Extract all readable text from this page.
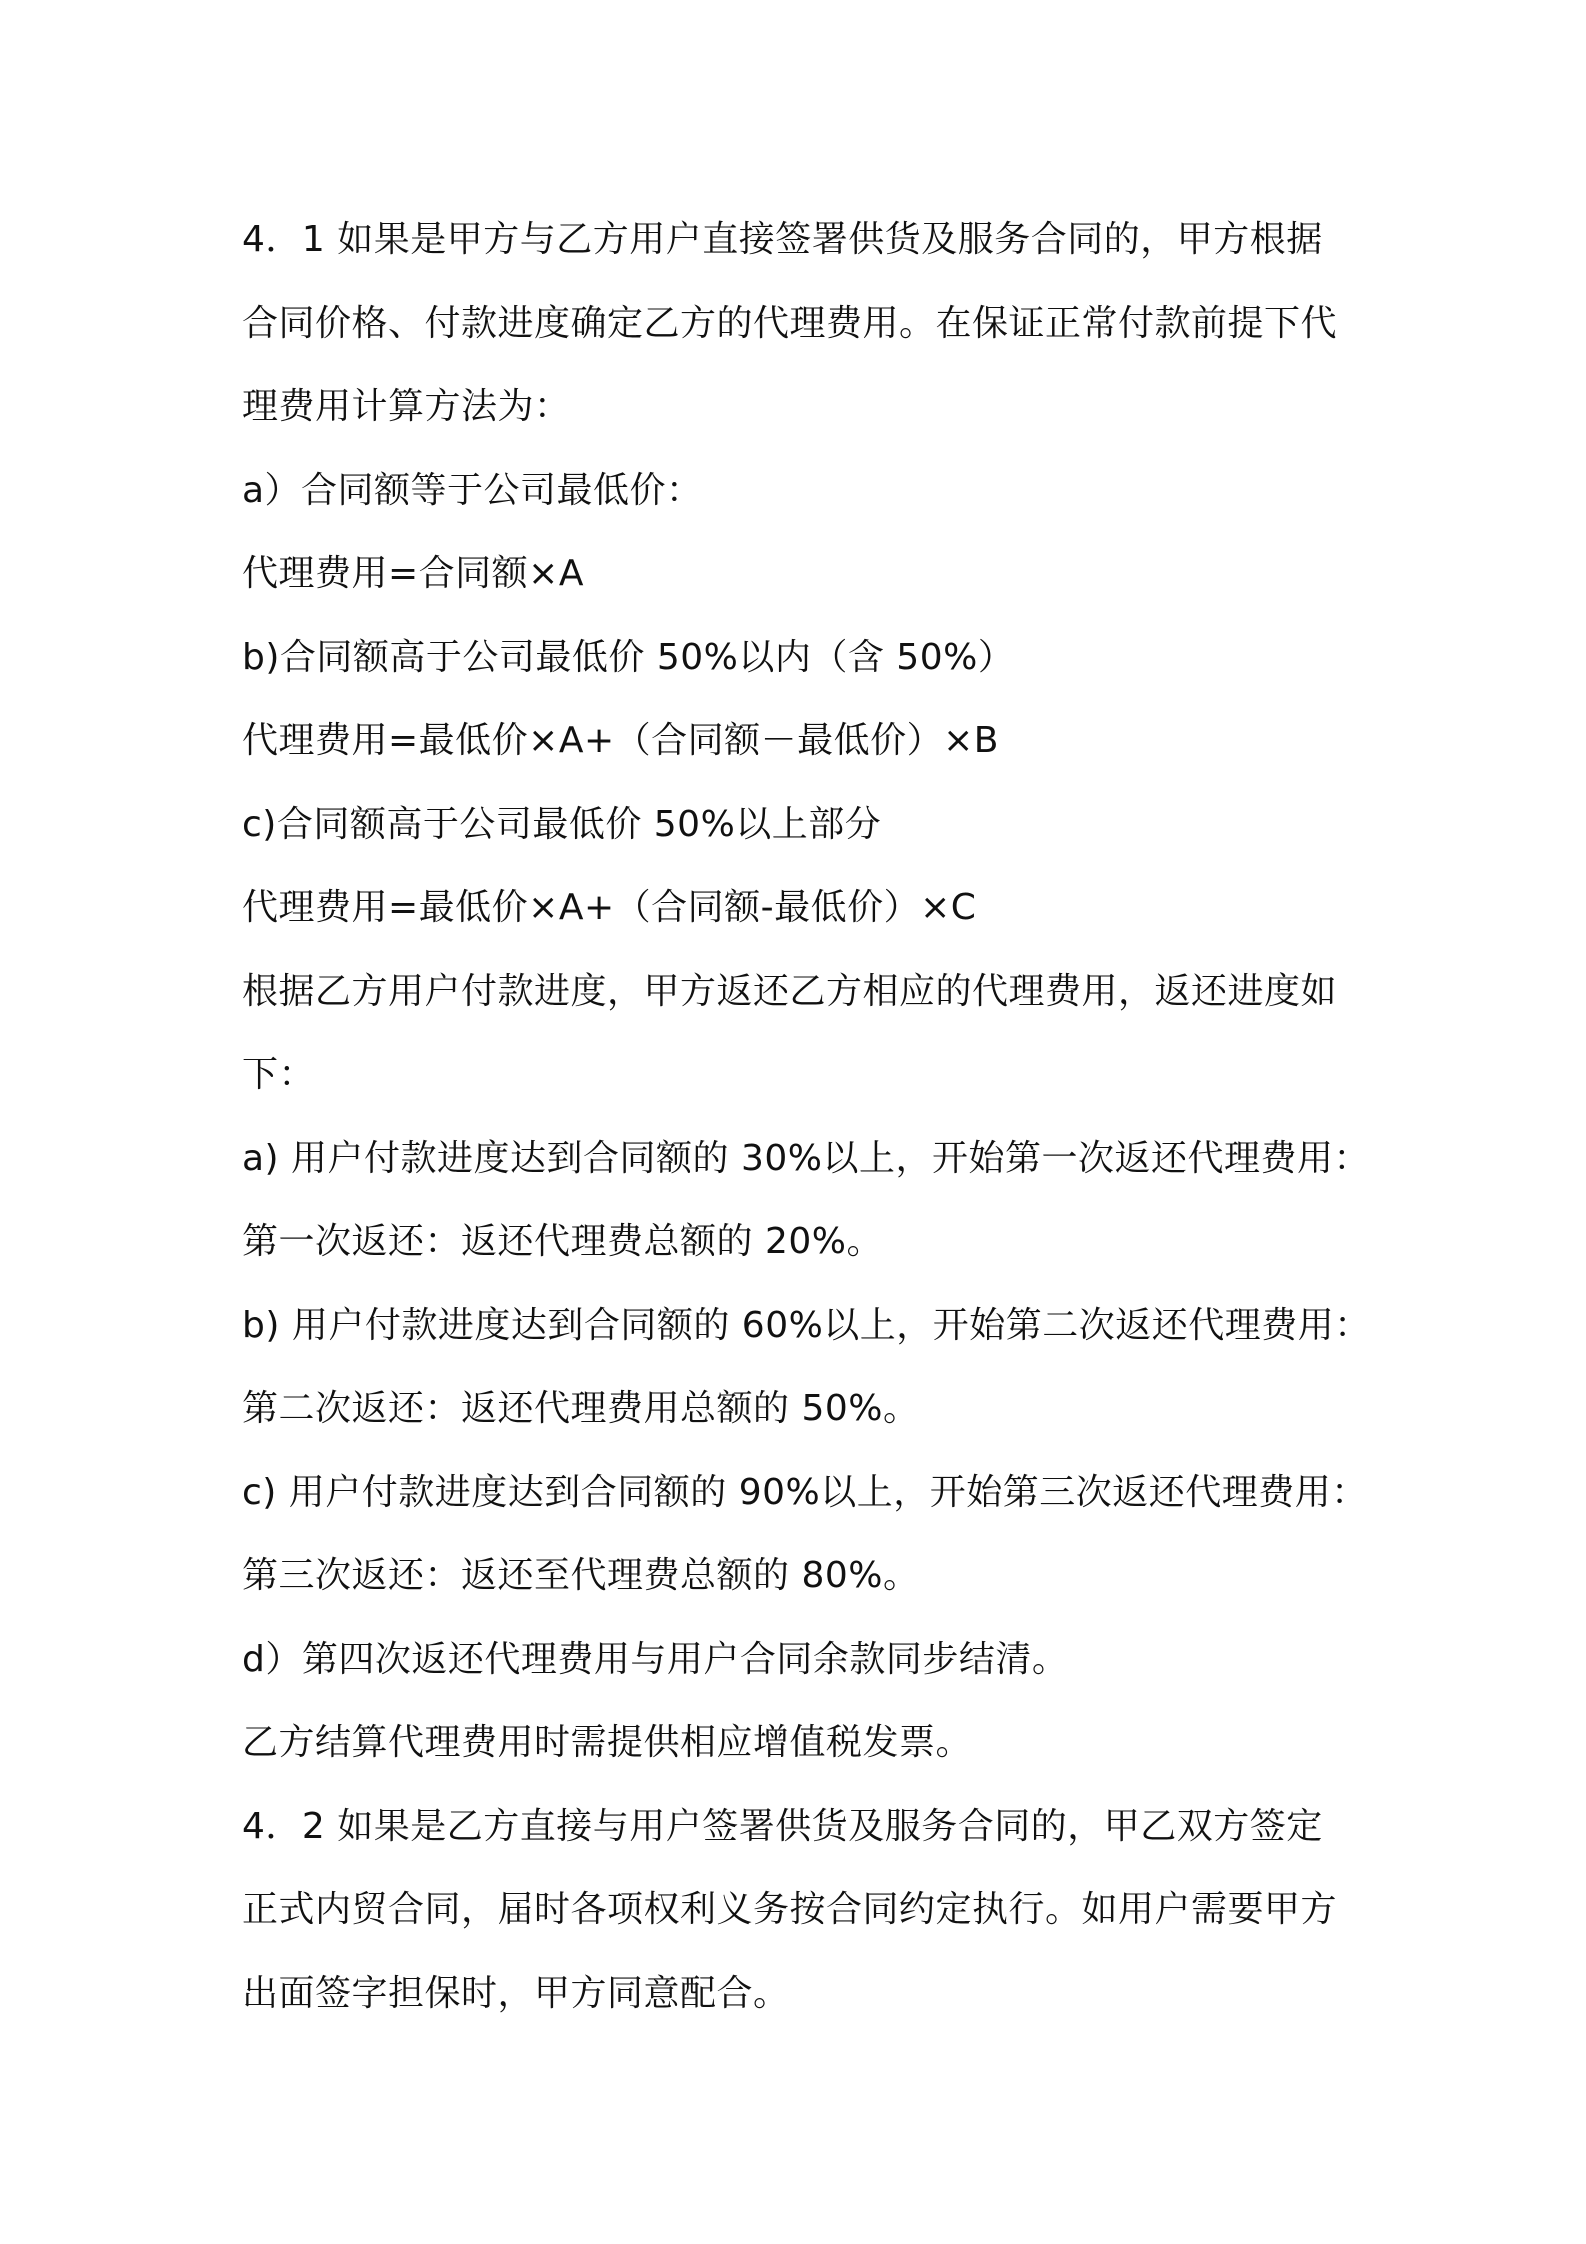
4．1 如果是甲方与乙方用户直接签署供货及服务合同的，甲方根据
合同价格、付款进度确定乙方的代理费用。在保证正常付款前提下代
理费用计算方法为：
a）合同额等于公司最低价：
代理费用=合同额×A
b)合同额高于公司最低价 50%以内（含 50%）
代理费用=最低价×A+（合同额－最低价）×B
c)合同额高于公司最低价 50%以上部分
代理费用=最低价×A+（合同额-最低价）×C
根据乙方用户付款进度，甲方返还乙方相应的代理费用，返还进度如
下：
a) 用户付款进度达到合同额的 30%以上，开始第一次返还代理费用：
第一次返还：返还代理费总额的 20%。
b) 用户付款进度达到合同额的 60%以上，开始第二次返还代理费用：
第二次返还：返还代理费用总额的 50%。
c) 用户付款进度达到合同额的 90%以上，开始第三次返还代理费用：
第三次返还：返还至代理费总额的 80%。
d）第四次返还代理费用与用户合同余款同步结清。
乙方结算代理费用时需提供相应增值税发票。
4．2 如果是乙方直接与用户签署供货及服务合同的，甲乙双方签定
正式内贸合同，届时各项权利义务按合同约定执行。如用户需要甲方
出面签字担保时，甲方同意配合。
